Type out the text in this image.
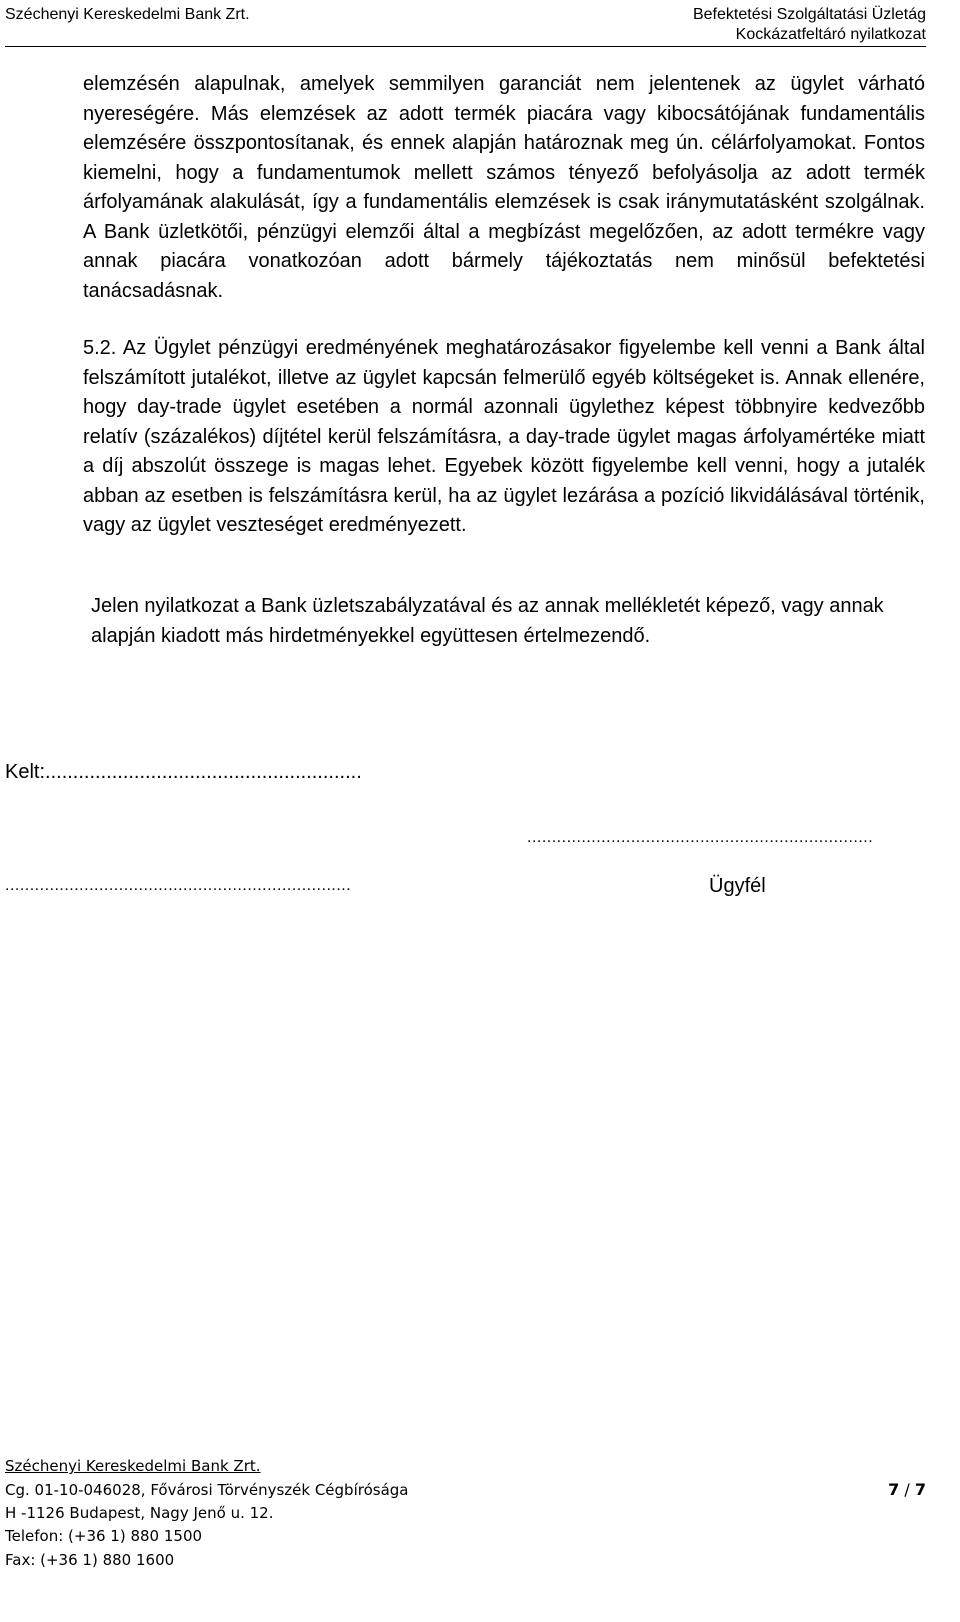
Széchenyi Kereskedelmi Bank Zrt.	Befektetési Szolgáltatási Üzletág
Kockázatfeltáró nyilatkozat
elemzésén alapulnak, amelyek semmilyen garanciát nem jelentenek az ügylet várható nyereségére. Más elemzések az adott termék piacára vagy kibocsátójának fundamentális elemzésére összpontosítanak, és ennek alapján határoznak meg ún. célárfolyamokat. Fontos kiemelni, hogy a fundamentumok mellett számos tényező befolyásolja az adott termék árfolyamának alakulását, így a fundamentális elemzések is csak iránymutatásként szolgálnak. A Bank üzletkötői, pénzügyi elemzői által a megbízást megelőzően, az adott termékre vagy annak piacára vonatkozóan adott bármely tájékoztatás nem minősül befektetési tanácsadásnak.
5.2. Az Ügylet pénzügyi eredményének meghatározásakor figyelembe kell venni a Bank által felszámított jutalékot, illetve az ügylet kapcsán felmerülő egyéb költségeket is. Annak ellenére, hogy day-trade ügylet esetében a normál azonnali ügylethez képest többnyire kedvezőbb relatív (százalékos) díjtétel kerül felszámításra, a day-trade ügylet magas árfolyamértéke miatt a díj abszolút összege is magas lehet. Egyebek között figyelembe kell venni, hogy a jutalék abban az esetben is felszámításra kerül, ha az ügylet lezárása a pozíció likvidálásával történik, vagy az ügylet veszteséget eredményezett.
Jelen nyilatkozat a Bank üzletszabályzatával és az annak mellékletét képező, vagy annak alapján kiadott más hirdetményekkel együttesen értelmezendő.
Kelt:.........................................................
......................................................................
......................................................................	Ügyfél
Széchenyi Kereskedelmi Bank Zrt.
Cg. 01-10-046028, Fővárosi Törvényszék Cégbírósága
H -1126 Budapest, Nagy Jenő u. 12.
Telefon: (+36 1) 880 1500
Fax: (+36 1) 880 1600
7 / 7
